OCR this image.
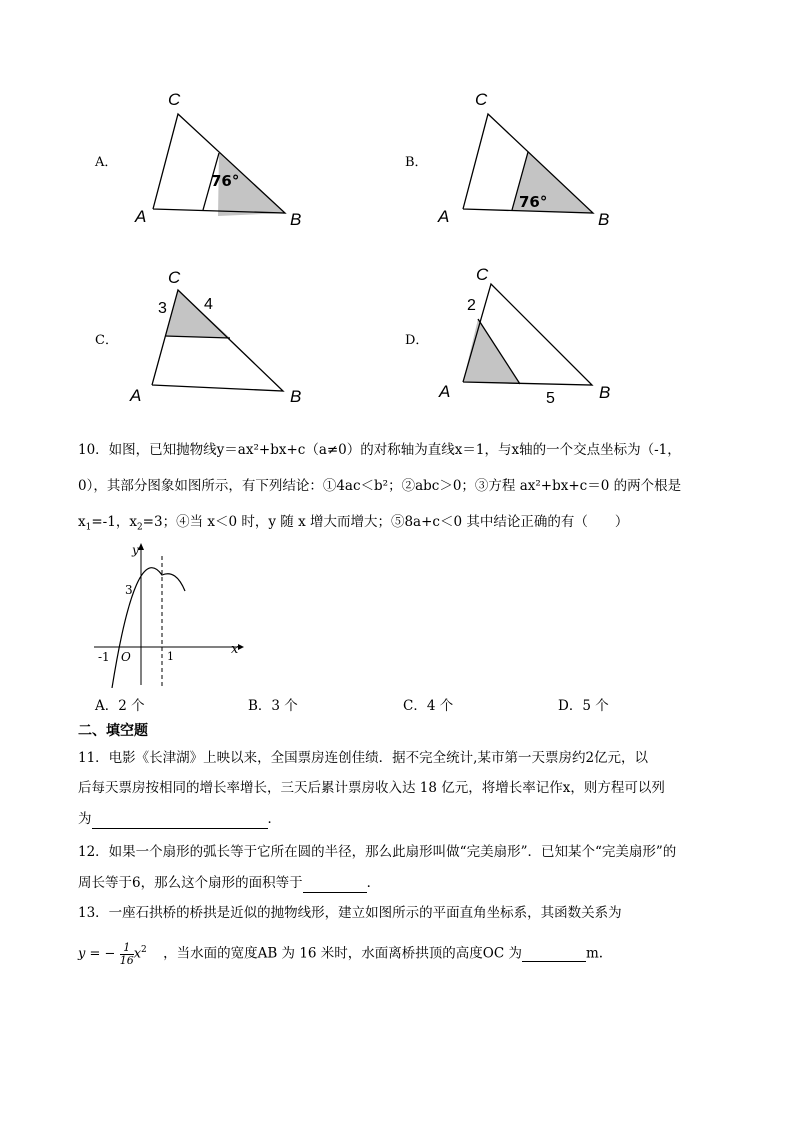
A．
C
A	B
76°
B．
C
A	B
76°
C．
C
A	B
3 4
D．
C
A	B
2
5
10．如图，已知抛物线y＝ax²+bx+c（a≠0）的对称轴为直线x＝1，与x轴的一个交点坐标为（-1，
0），其部分图象如图所示，有下列结论：①4ac＜b²；②abc＞0；③方程 ax²+bx+c＝0 的两个根是
$x_1=-1$，$x_2=3$；④当 x＜0 时，y 随 x 增大而增大；⑤8a+c＜0 其中结论正确的有（　　）
y
x
3
1
-1 O
A．2 个	B．3 个	C．4 个	D．5 个
二、填空题
11．电影《长津湖》上映以来，全国票房连创佳绩．据不完全统计,某市第一天票房约2亿元，以
后每天票房按相同的增长率增长，三天后累计票房收入达 18 亿元，将增长率记作x，则方程可以列
为	．
12．如果一个扇形的弧长等于它所在圆的半径，那么此扇形叫做“完美扇形”．已知某个“完美扇形”的
周长等于6，那么这个扇形的面积等于	．
13．一座石拱桥的桥拱是近似的抛物线形，建立如图所示的平面直角坐标系，其函数关系为
y = − $\frac{1}{16} x^2$ ，当水面的宽度AB 为 16 米时，水面离桥拱顶的高度OC 为	m.
